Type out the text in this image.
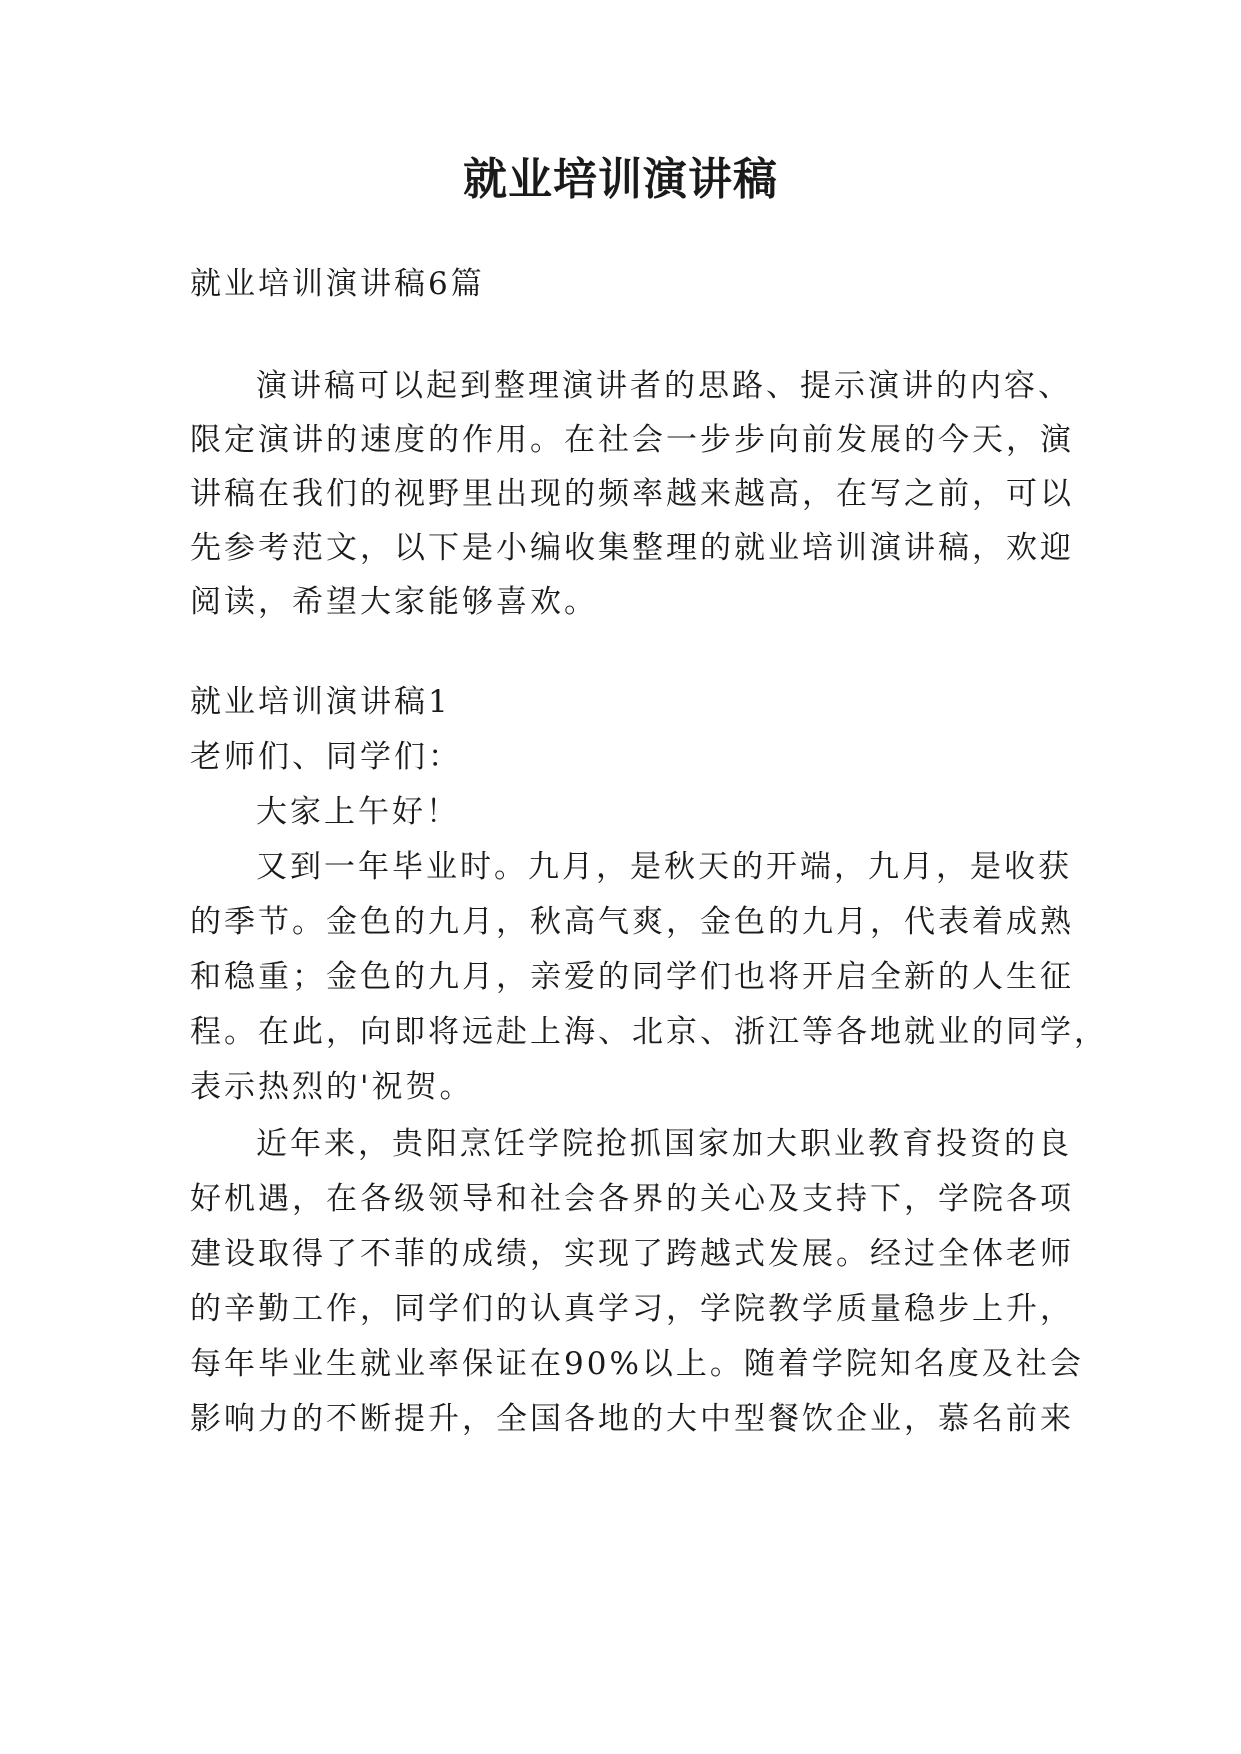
就业培训演讲稿
就业培训演讲稿6篇
演讲稿可以起到整理演讲者的思路、提示演讲的内容、
限定演讲的速度的作用。在社会一步步向前发展的今天，演
讲稿在我们的视野里出现的频率越来越高，在写之前，可以
先参考范文，以下是小编收集整理的就业培训演讲稿，欢迎
阅读，希望大家能够喜欢。
就业培训演讲稿1
老师们、同学们：
大家上午好！
又到一年毕业时。九月，是秋天的开端，九月，是收获
的季节。金色的九月，秋高气爽，金色的九月，代表着成熟
和稳重；金色的九月，亲爱的同学们也将开启全新的人生征
程。在此，向即将远赴上海、北京、浙江等各地就业的同学，
表示热烈的'祝贺。
近年来，贵阳烹饪学院抢抓国家加大职业教育投资的良
好机遇，在各级领导和社会各界的关心及支持下，学院各项
建设取得了不菲的成绩，实现了跨越式发展。经过全体老师
的辛勤工作，同学们的认真学习，学院教学质量稳步上升，
每年毕业生就业率保证在90%以上。随着学院知名度及社会
影响力的不断提升，全国各地的大中型餐饮企业，慕名前来
